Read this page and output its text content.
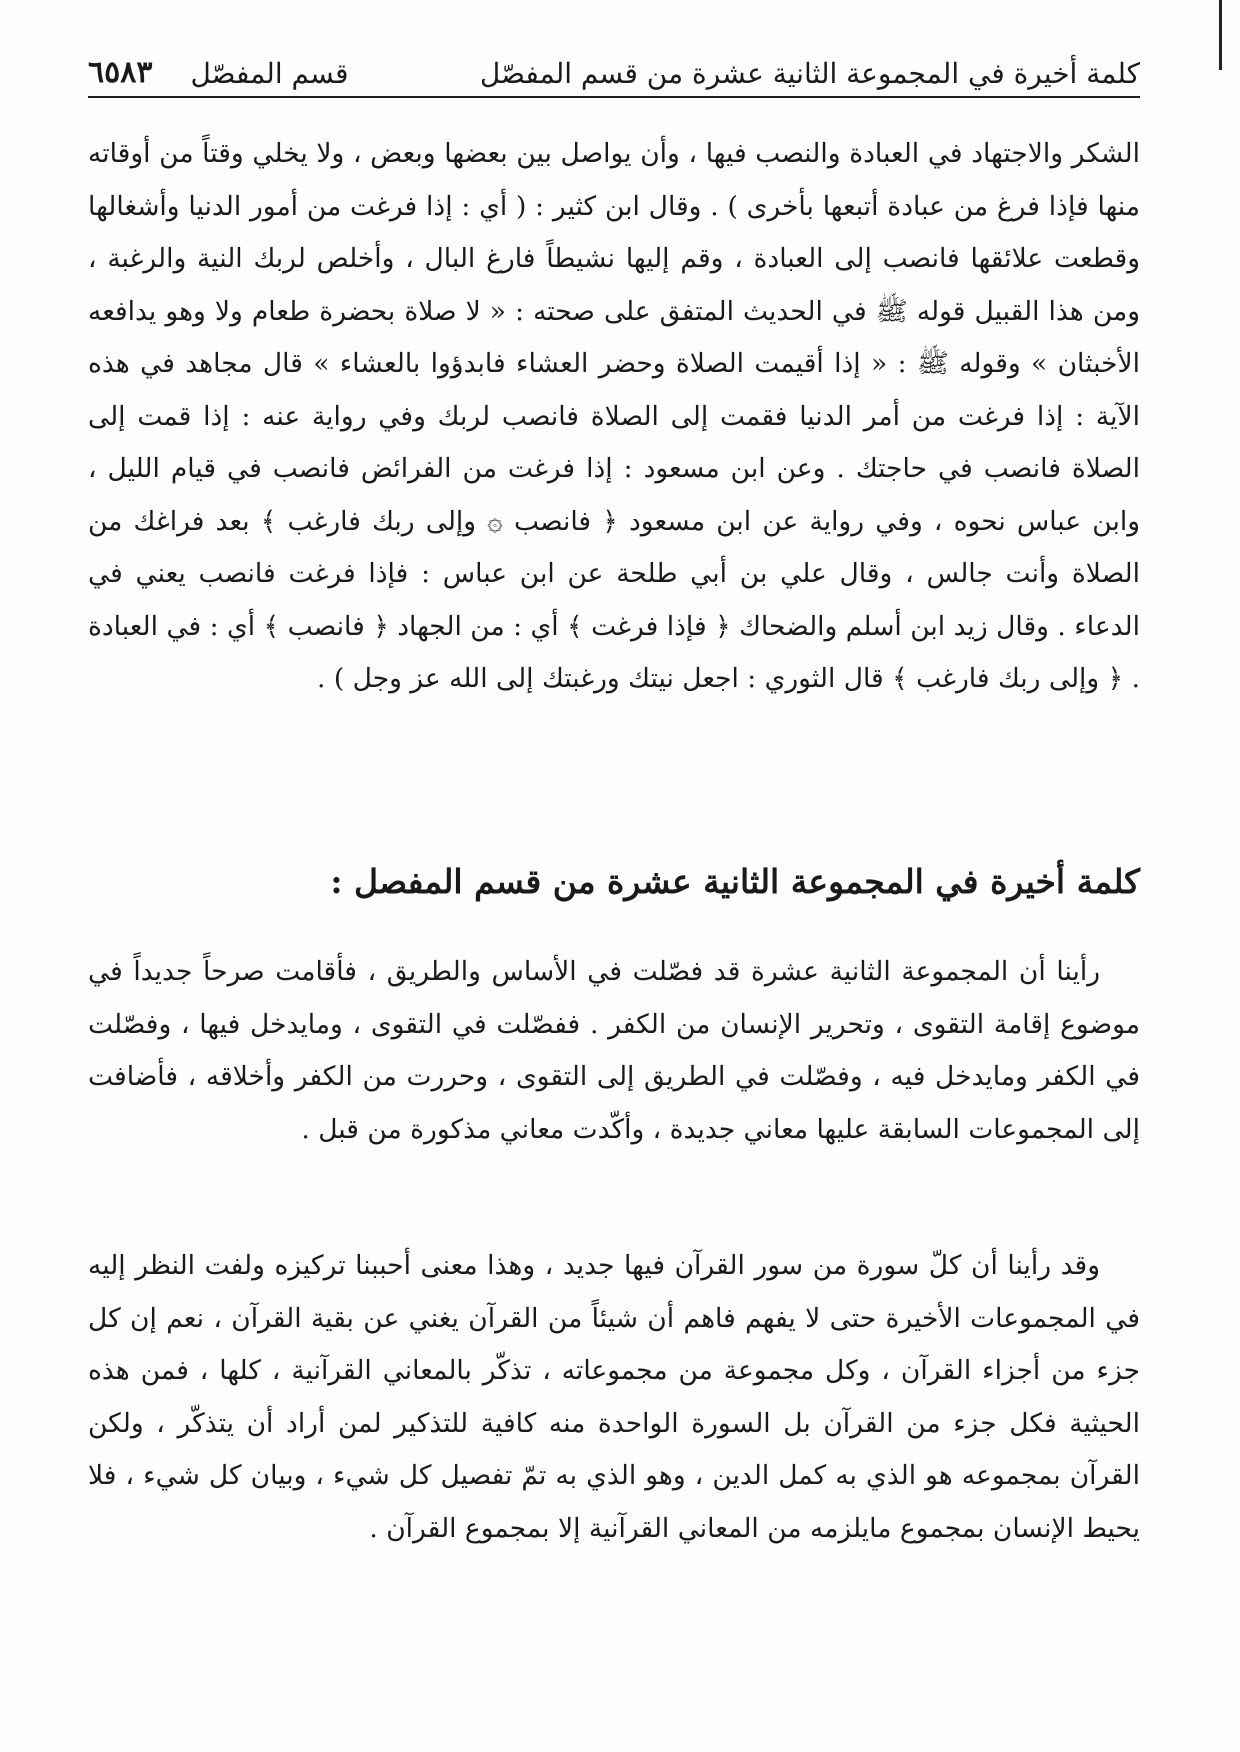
كلمة أخيرة في المجموعة الثانية عشرة من قسم المفصّل
قسم المفصّل
٦٥٨٣

الشكر والاجتهاد في العبادة والنصب فيها ، وأن يواصل بين بعضها وبعض ، ولا يخلي وقتاً من أوقاته منها فإذا فرغ من عبادة أتبعها بأخرى ) . وقال ابن كثير : ( أي : إذا فرغت من أمور الدنيا وأشغالها وقطعت علائقها فانصب إلى العبادة ، وقم إليها نشيطاً فارغ البال ، وأخلص لربك النية والرغبة ، ومن هذا القبيل قوله ﷺ في الحديث المتفق على صحته : « لا صلاة بحضرة طعام ولا وهو يدافعه الأخبثان » وقوله ﷺ : « إذا أقيمت الصلاة وحضر العشاء فابدؤوا بالعشاء » قال مجاهد في هذه الآية : إذا فرغت من أمر الدنيا فقمت إلى الصلاة فانصب لربك وفي رواية عنه : إذا قمت إلى الصلاة فانصب في حاجتك . وعن ابن مسعود : إذا فرغت من الفرائض فانصب في قيام الليل ، وابن عباس نحوه ، وفي رواية عن ابن مسعود ﴿ فانصب ۞ وإلى ربك فارغب ﴾ بعد فراغك من الصلاة وأنت جالس ، وقال علي بن أبي طلحة عن ابن عباس : فإذا فرغت فانصب يعني في الدعاء . وقال زيد ابن أسلم والضحاك ﴿ فإذا فرغت ﴾ أي : من الجهاد ﴿ فانصب ﴾ أي : في العبادة . ﴿ وإلى ربك فارغب ﴾ قال الثوري : اجعل نيتك ورغبتك إلى الله عز وجل ) .

كلمة أخيرة في المجموعة الثانية عشرة من قسم المفصل :

رأينا أن المجموعة الثانية عشرة قد فصّلت في الأساس والطريق ، فأقامت صرحاً جديداً في موضوع إقامة التقوى ، وتحرير الإنسان من الكفر . ففصّلت في التقوى ، ومايدخل فيها ، وفصّلت في الكفر ومايدخل فيه ، وفصّلت في الطريق إلى التقوى ، وحررت من الكفر وأخلاقه ، فأضافت إلى المجموعات السابقة عليها معاني جديدة ، وأكّدت معاني مذكورة من قبل .

وقد رأينا أن كلّ سورة من سور القرآن فيها جديد ، وهذا معنى أحببنا تركيزه ولفت النظر إليه في المجموعات الأخيرة حتى لا يفهم فاهم أن شيئاً من القرآن يغني عن بقية القرآن ، نعم إن كل جزء من أجزاء القرآن ، وكل مجموعة من مجموعاته ، تذكّر بالمعاني القرآنية ، كلها ، فمن هذه الحيثية فكل جزء من القرآن بل السورة الواحدة منه كافية للتذكير لمن أراد أن يتذكّر ، ولكن القرآن بمجموعه هو الذي به كمل الدين ، وهو الذي به تمّ تفصيل كل شيء ، وبيان كل شيء ، فلا يحيط الإنسان بمجموع مايلزمه من المعاني القرآنية إلا بمجموع القرآن .
